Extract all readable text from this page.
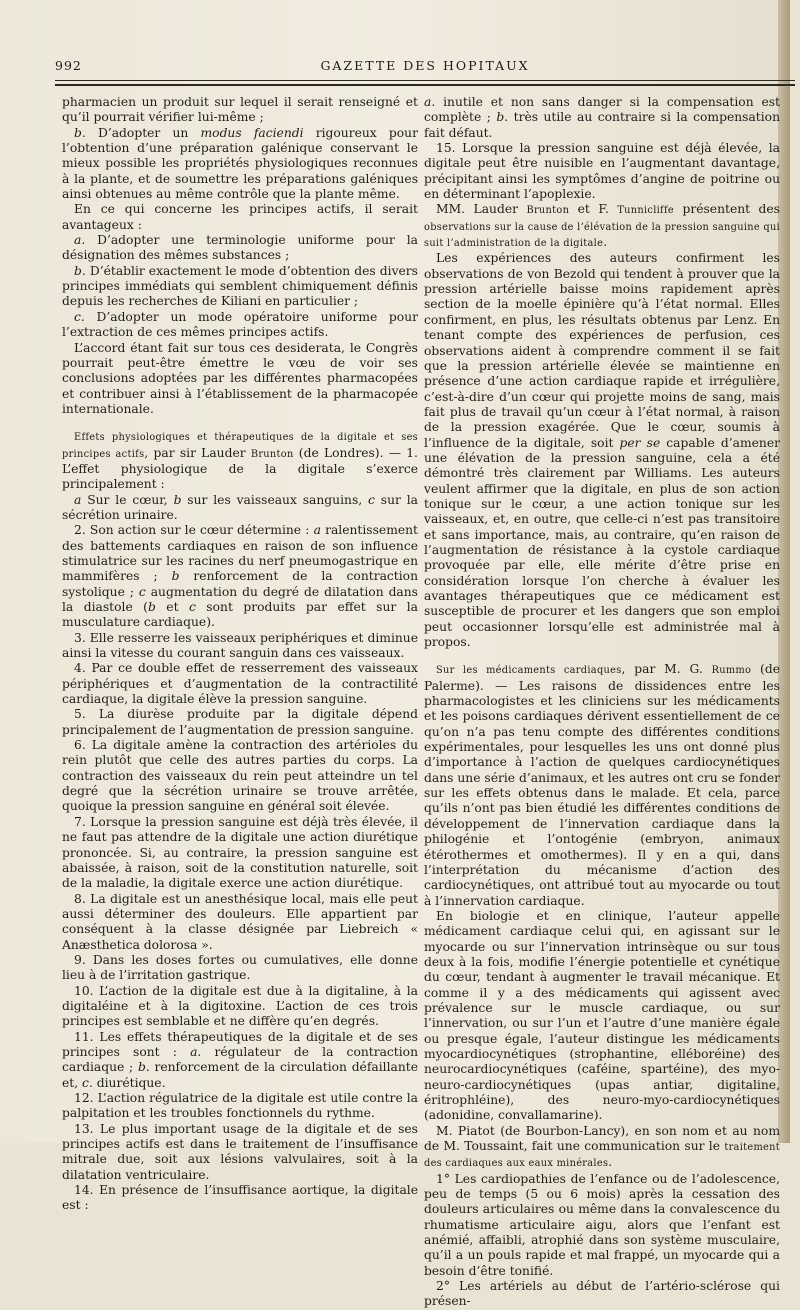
992	GAZETTE DES HOPITAUX

pharmacien un produit sur lequel il serait renseigné et qu’il pourrait vérifier lui-même ;

b. D’adopter un modus faciendi rigoureux pour l’obtention d’une préparation galénique conservant le mieux possible les propriétés physiologiques reconnues à la plante, et de soumettre les préparations galéniques ainsi obtenues au même contrôle que la plante même.

En ce qui concerne les principes actifs, il serait avantageux :

a. D’adopter une terminologie uniforme pour la désignation des mêmes substances ;

b. D’établir exactement le mode d’obtention des divers principes immédiats qui semblent chimiquement définis depuis les recherches de Kiliani en particulier ;

c. D’adopter un mode opératoire uniforme pour l’extraction de ces mêmes principes actifs.

L’accord étant fait sur tous ces desiderata, le Congrès pourrait peut-être émettre le vœu de voir ses conclusions adoptées par les différentes pharmacopées et contribuer ainsi à l’établissement de la pharmacopée internationale.

Effets physiologiques et thérapeutiques de la digitale et ses principes actifs, par sir Lauder Brunton (de Londres). — 1. L’effet physiologique de la digitale s’exerce principalement :

a Sur le cœur, b sur les vaisseaux sanguins, c sur la sécrétion urinaire.

2. Son action sur le cœur détermine : a ralentissement des battements cardiaques en raison de son influence stimulatrice sur les racines du nerf pneumogastrique en mammifères ; b renforcement de la contraction systolique ; c augmentation du degré de dilatation dans la diastole (b et c sont produits par effet sur la musculature cardiaque).

3. Elle resserre les vaisseaux periphériques et diminue ainsi la vitesse du courant sanguin dans ces vaisseaux.

4. Par ce double effet de resserrement des vaisseaux périphériques et d’augmentation de la contractilité cardiaque, la digitale élève la pression sanguine.

5. La diurèse produite par la digitale dépend principalement de l’augmentation de pression sanguine.

6. La digitale amène la contraction des artérioles du rein plutôt que celle des autres parties du corps. La contraction des vaisseaux du rein peut atteindre un tel degré que la sécrétion urinaire se trouve arrêtée, quoique la pression sanguine en général soit élevée.

7. Lorsque la pression sanguine est déjà très élevée, il ne faut pas attendre de la digitale une action diurétique prononcée. Si, au contraire, la pression sanguine est abaissée, à raison, soit de la constitution naturelle, soit de la maladie, la digitale exerce une action diurétique.

8. La digitale est un anesthésique local, mais elle peut aussi déterminer des douleurs. Elle appartient par conséquent à la classe désignée par Liebreich « Anæsthetica dolorosa ».

9. Dans les doses fortes ou cumulatives, elle donne lieu à de l’irritation gastrique.

10. L’action de la digitale est due à la digitaline, à la digitaléine et à la digitoxine. L’action de ces trois principes est semblable et ne diffère qu’en degrés.

11. Les effets thérapeutiques de la digitale et de ses principes sont : a. régulateur de la contraction cardiaque ; b. renforcement de la circulation défaillante et, c. diurétique.

12. L’action régulatrice de la digitale est utile contre la palpitation et les troubles fonctionnels du rythme.

13. Le plus important usage de la digitale et de ses principes actifs est dans le traitement de l’insuffisance mitrale due, soit aux lésions valvulaires, soit à la dilatation ventriculaire.

14. En présence de l’insuffisance aortique, la digitale est :

a. inutile et non sans danger si la compensation est complète ; b. très utile au contraire si la compensation fait défaut.

15. Lorsque la pression sanguine est déjà élevée, la digitale peut être nuisible en l’augmentant davantage, précipitant ainsi les symptômes d’angine de poitrine ou en déterminant l’apoplexie.

MM. Lauder Brunton et F. Tunnicliffe présentent des observations sur la cause de l’élévation de la pression sanguine qui suit l’administration de la digitale.

Les expériences des auteurs confirment les observations de von Bezold qui tendent à prouver que la pression artérielle baisse moins rapidement après section de la moelle épinière qu’à l’état normal. Elles confirment, en plus, les résultats obtenus par Lenz. En tenant compte des expériences de perfusion, ces observations aident à comprendre comment il se fait que la pression artérielle élevée se maintienne en présence d’une action cardiaque rapide et irrégulière, c’est-à-dire d’un cœur qui projette moins de sang, mais fait plus de travail qu’un cœur à l’état normal, à raison de la pression exagérée. Que le cœur, soumis à l’influence de la digitale, soit per se capable d’amener une élévation de la pression sanguine, cela a été démontré très clairement par Williams. Les auteurs veulent affirmer que la digitale, en plus de son action tonique sur le cœur, a une action tonique sur les vaisseaux, et, en outre, que celle-ci n’est pas transitoire et sans importance, mais, au contraire, qu’en raison de l’augmentation de résistance à la cystole cardiaque provoquée par elle, elle mérite d’être prise en considération lorsque l’on cherche à évaluer les avantages thérapeutiques que ce médicament est susceptible de procurer et les dangers que son emploi peut occasionner lorsqu’elle est administrée mal à propos.

Sur les médicaments cardiaques, par M. G. Rummo (de Palerme). — Les raisons de dissidences entre les pharmacologistes et les cliniciens sur les médicaments et les poisons cardiaques dérivent essentiellement de ce qu’on n’a pas tenu compte des différentes conditions expérimentales, pour lesquelles les uns ont donné plus d’importance à l’action de quelques cardiocynétiques dans une série d’animaux, et les autres ont cru se fonder sur les effets obtenus dans le malade. Et cela, parce qu’ils n’ont pas bien étudié les différentes conditions de développement de l’innervation cardiaque dans la philogénie et l’ontogénie (embryon, animaux étérothermes et omothermes). Il y en a qui, dans l’interprétation du mécanisme d’action des cardiocynétiques, ont attribué tout au myocarde ou tout à l’innervation cardiaque.

En biologie et en clinique, l’auteur appelle médicament cardiaque celui qui, en agissant sur le myocarde ou sur l’innervation intrinsèque ou sur tous deux à la fois, modifie l’énergie potentielle et cynétique du cœur, tendant à augmenter le travail mécanique. Et comme il y a des médicaments qui agissent avec prévalence sur le muscle cardiaque, ou sur l’innervation, ou sur l’un et l’autre d’une manière égale ou presque égale, l’auteur distingue les médicaments myocardiocynétiques (strophantine, elléboréine) des neurocardiocynétiques (caféine, spartéine), des myo-neuro-cardiocynétiques (upas antiar, digitaline, éritrophléine), des neuro-myo-cardiocynétiques (adonidine, convallamarine).

M. Piatot (de Bourbon-Lancy), en son nom et au nom de M. Toussaint, fait une communication sur le traitement des cardiaques aux eaux minérales.

1° Les cardiopathies de l’enfance ou de l’adolescence, peu de temps (5 ou 6 mois) après la cessation des douleurs articulaires ou même dans la convalescence du rhumatisme articulaire aigu, alors que l’enfant est anémié, affaibli, atrophié dans son système musculaire, qu’il a un pouls rapide et mal frappé, un myocarde qui a besoin d’être tonifié.

2° Les artériels au début de l’artério-sclérose qui présen-
